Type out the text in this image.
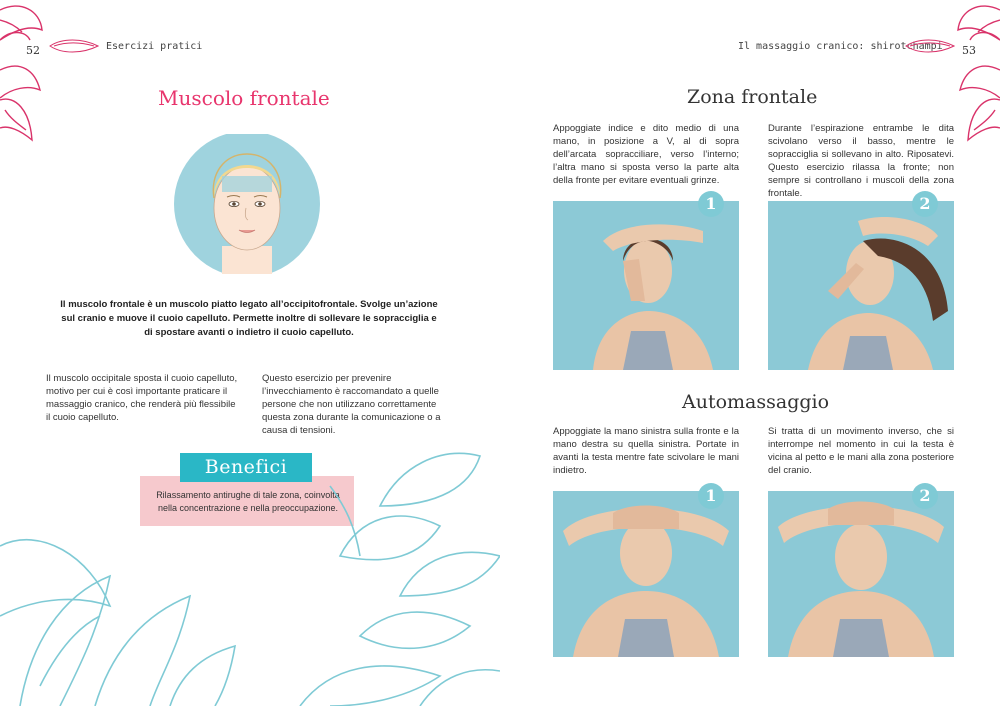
52	Esercizi pratici
Muscolo frontale

Il muscolo frontale è un muscolo piatto legato all’occipitofrontale. Svolge un’azione sul cranio e muove il cuoio capelluto. Permette inoltre di sollevare le sopracciglia e di spostare avanti o indietro il cuoio capelluto.

Il muscolo occipitale sposta il cuoio capelluto, motivo per cui è così importante praticare il massaggio cranico, che renderà più flessibile il cuoio capelluto.

Questo esercizio per prevenire l’invecchiamento è raccomandato a quelle persone che non utilizzano correttamente questa zona durante la comunicazione o a causa di tensioni.

Benefici

Rilassamento antirughe di tale zona, coinvolta nella concentrazione e nella preoccupazione.

Il massaggio cranico: shirotchampi 53
Zona frontale

Appoggiate indice e dito medio di una mano, in posizione a V, al di sopra dell’arcata sopracciliare, verso l’interno; l’altra mano si sposta verso la parte alta della fronte per evitare eventuali grinze.

Durante l’espirazione entrambe le dita scivolano verso il basso, mentre le sopracciglia si sollevano in alto. Riposatevi. Questo esercizio rilassa la fronte; non sempre si controllano i muscoli della zona frontale.

1	2
Automassaggio

Appoggiate la mano sinistra sulla fronte e la mano destra su quella sinistra. Portate in avanti la testa mentre fate scivolare le mani indietro.

Si tratta di un movimento inverso, che si interrompe nel momento in cui la testa è vicina al petto e le mani alla zona posteriore del cranio.

1	2
